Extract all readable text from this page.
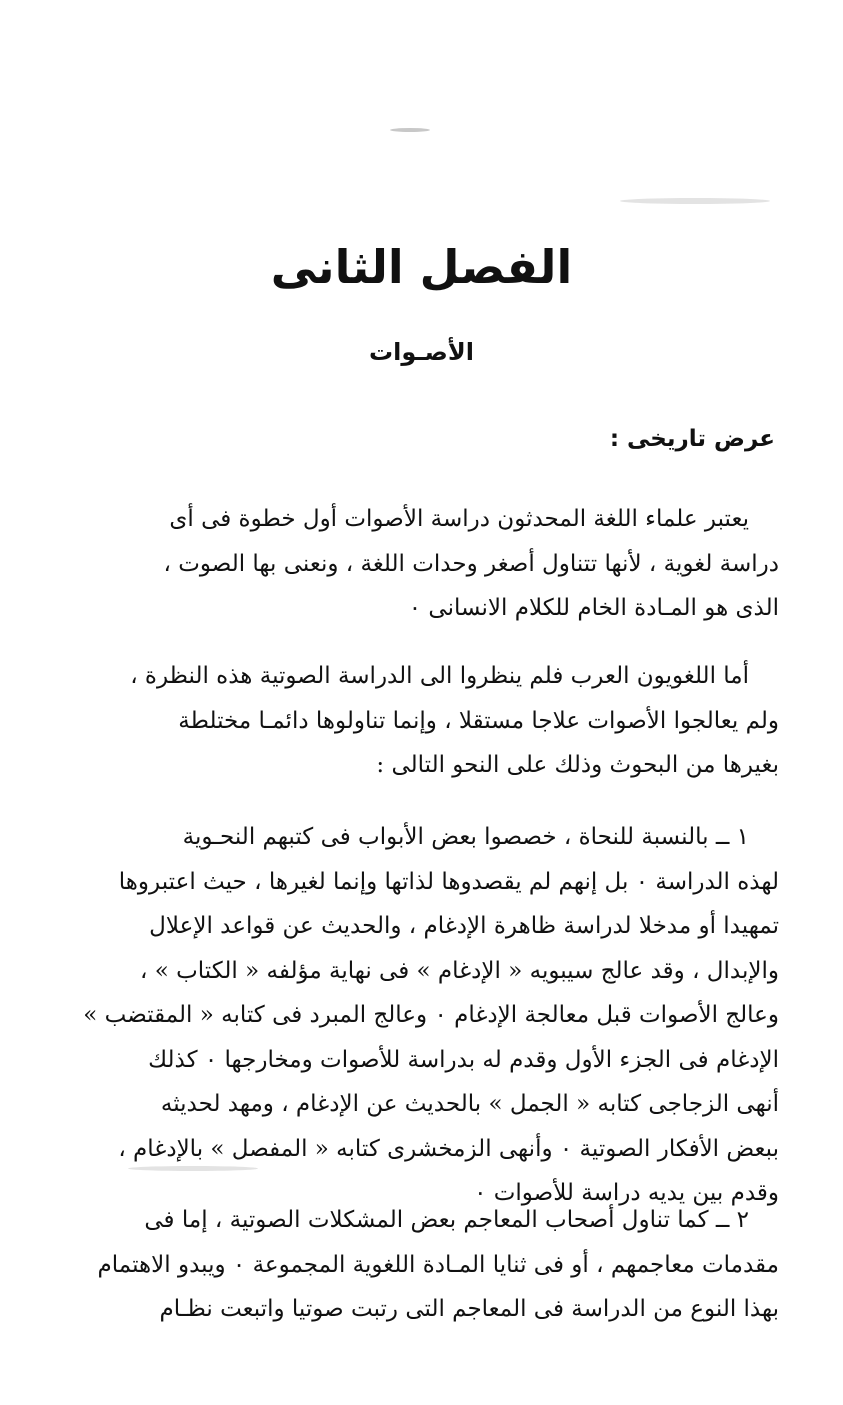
الفصل الثانى
الأصـوات
عرض تاريخى :
يعتبر علماء اللغة المحدثون دراسة الأصوات أول خطوة فى أى
دراسة لغوية ، لأنها تتناول أصغر وحدات اللغة ، ونعنى بها الصوت ،
الذى هو المـادة الخام للكلام الانسانى ٠
أما اللغويون العرب فلم ينظروا الى الدراسة الصوتية هذه النظرة ،
ولم يعالجوا الأصوات علاجا مستقلا ، وإنما تناولوها دائمـا مختلطة
بغيرها من البحوث وذلك على النحو التالى :
١ ــ بالنسبة للنحاة ، خصصوا بعض الأبواب فى كتبهم النحـوية
لهذه الدراسة ٠ بل إنهم لم يقصدوها لذاتها وإنما لغيرها ، حيث اعتبروها
تمهيدا أو مدخلا لدراسة ظاهرة الإدغام ، والحديث عن قواعد الإعلال
والإبدال ، وقد عالج سيبويه « الإدغام » فى نهاية مؤلفه « الكتاب » ،
وعالج الأصوات قبل معالجة الإدغام ٠ وعالج المبرد فى كتابه « المقتضب »
الإدغام فى الجزء الأول وقدم له بدراسة للأصوات ومخارجها ٠ كذلك
أنهى الزجاجى كتابه « الجمل » بالحديث عن الإدغام ، ومهد لحديثه
ببعض الأفكار الصوتية ٠ وأنهى الزمخشرى كتابه « المفصل » بالإدغام ،
وقدم بين يديه دراسة للأصوات ٠
٢ ــ كما تناول أصحاب المعاجم بعض المشكلات الصوتية ، إما فى
مقدمات معاجمهم ، أو فى ثنايا المـادة اللغوية المجموعة ٠ ويبدو الاهتمام
بهذا النوع من الدراسة فى المعاجم التى رتبت صوتيا واتبعت نظـام
